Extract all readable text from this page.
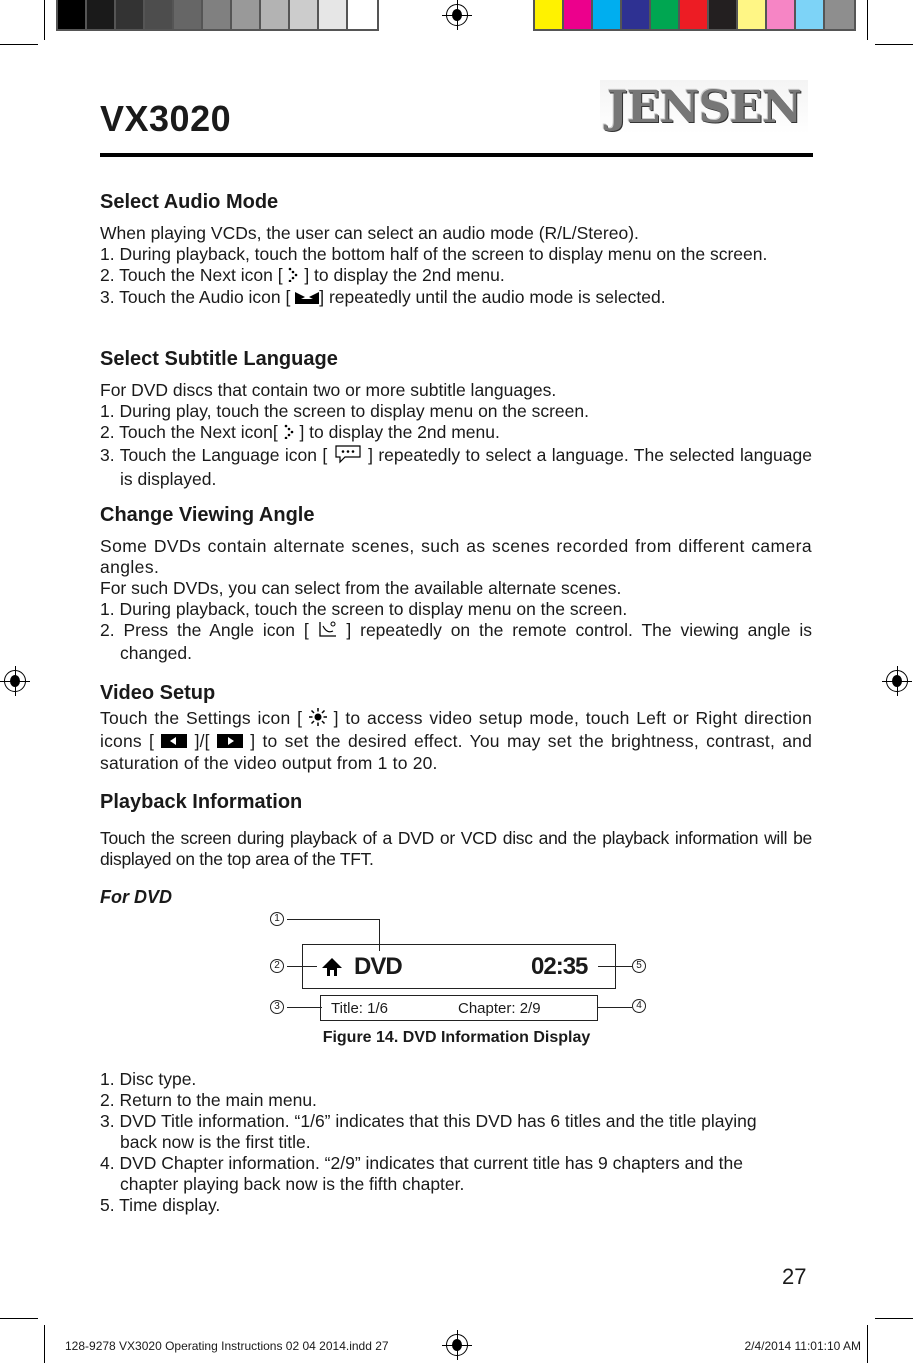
VX3020	JENSEN
Select Audio Mode
When playing VCDs, the user can select an audio mode (R/L/Stereo).
1. During playback, touch the bottom half of the screen to display menu on the screen.
2. Touch the Next icon [ ] to display the 2nd menu.
3. Touch the Audio icon [ ] repeatedly until the audio mode is selected.
Select Subtitle Language
For DVD discs that contain two or more subtitle languages.
1. During play, touch the screen to display menu on the screen.
2. Touch the Next icon[ ] to display the 2nd menu.
3. Touch the Language icon [ ] repeatedly to select a language. The selected language is displayed.
Change Viewing Angle
Some DVDs contain alternate scenes, such as scenes recorded from different camera angles.
For such DVDs, you can select from the available alternate scenes.
1. During playback, touch the screen to display menu on the screen.
2. Press the Angle icon [ ] repeatedly on the remote control. The viewing angle is changed.
Video Setup
Touch the Settings icon [ ] to access video setup mode, touch Left or Right direction icons [ ]/[ ] to set the desired effect. You may set the brightness, contrast, and saturation of the video output from 1 to 20.
Playback Information
Touch the screen during playback of a DVD or VCD disc and the playback information will be displayed on the top area of the TFT.
For DVD
DVD	02:35
Title: 1/6	Chapter: 2/9
1
2
3	4
5
Figure 14. DVD Information Display
1. Disc type.
2. Return to the main menu.
3. DVD Title information. “1/6” indicates that this DVD has 6 titles and the title playing back now is the first title.
4. DVD Chapter information. “2/9” indicates that current title has 9 chapters and the chapter playing back now is the fifth chapter.
5. Time display.
27
128-9278 VX3020 Operating Instructions 02 04 2014.indd 27	2/4/2014 11:01:10 AM
